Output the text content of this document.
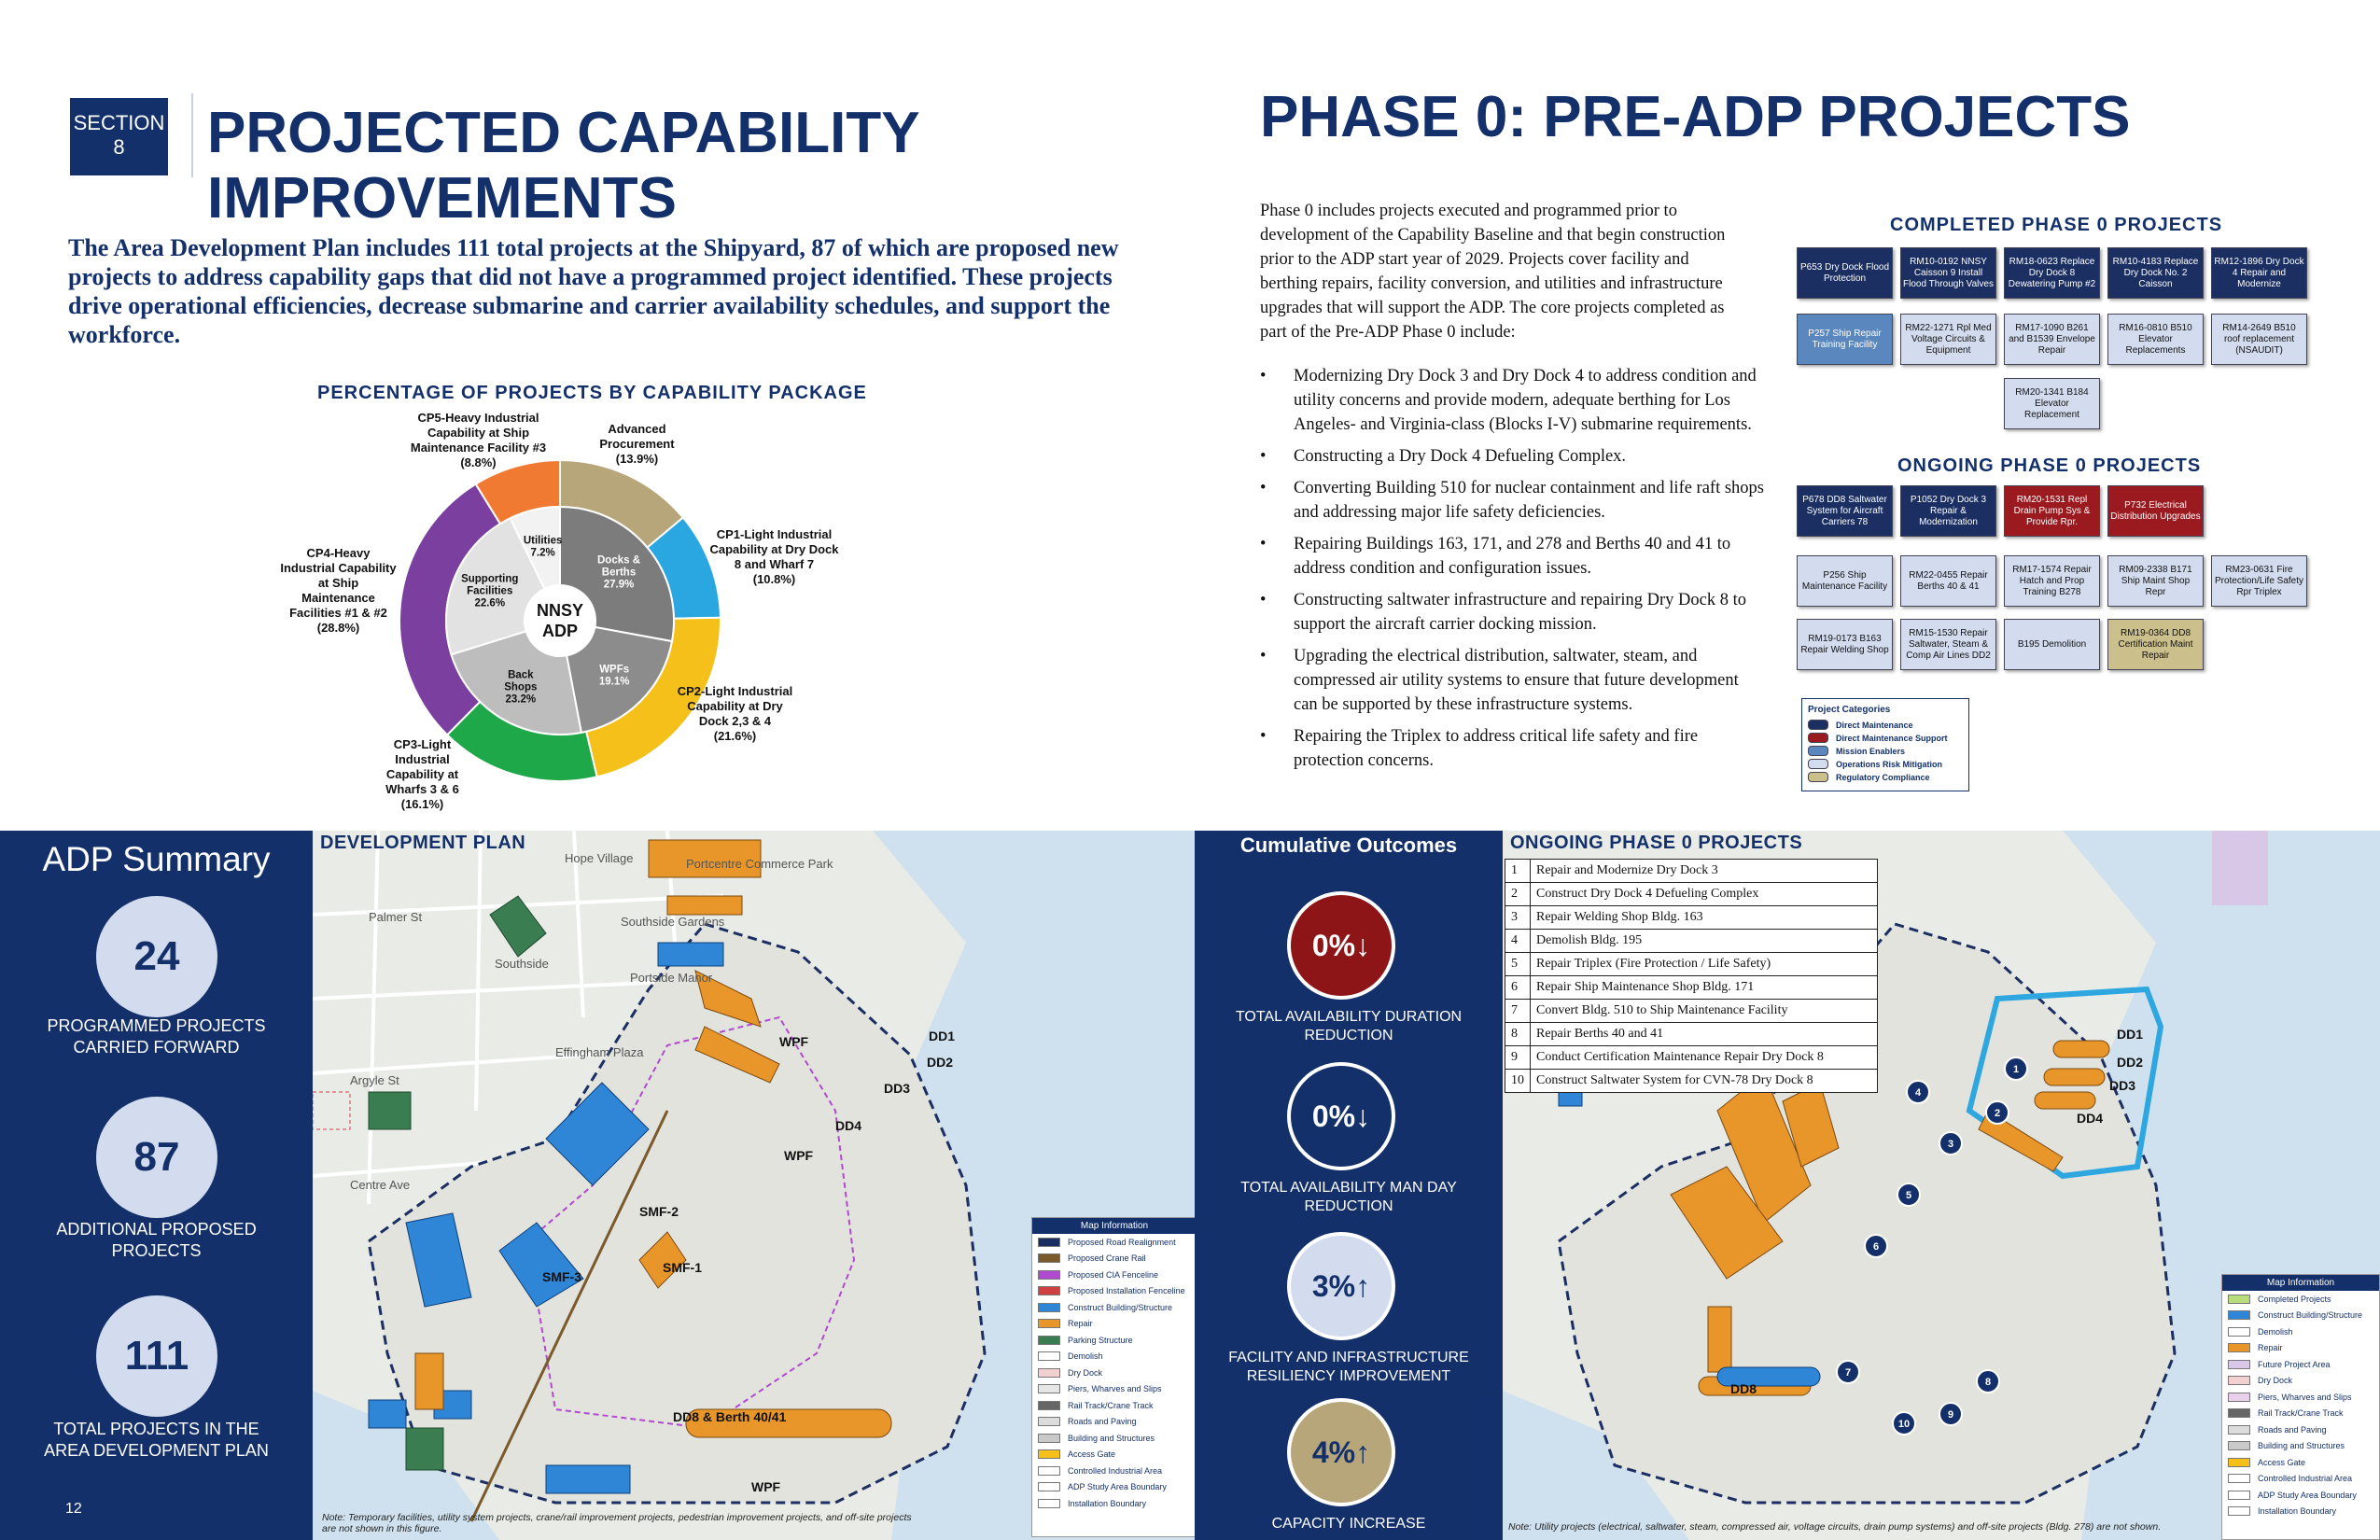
SECTION
8	PROJECTED CAPABILITY
IMPROVEMENTS
The Area Development Plan includes 111 total projects at the Shipyard, 87 of which are proposed new projects to address capability gaps that did not have a programmed project identified. These projects drive operational efficiencies, decrease submarine and carrier availability schedules, and support the workforce.
PERCENTAGE OF PROJECTS BY CAPABILITY PACKAGE
NNSY
ADP
Docks &
Berths
27.9%
WPFs
19.1%
Back
Shops
23.2%
Supporting
Facilities
22.6%
Utilities
7.2%
CP5-Heavy Industrial Capability at Ship Maintenance Facility #3
(8.8%)
Advanced Procurement
(13.9%)
CP1-Light Industrial Capability at Dry Dock 8 and Wharf 7
(10.8%)
CP2-Light Industrial Capability at Dry Dock 2,3 & 4
(21.6%)
CP3-Light Industrial Capability at Wharfs 3 & 6
(16.1%)
CP4-Heavy Industrial Capability at Ship Maintenance Facilities #1 & #2
(28.8%)
PHASE 0: PRE-ADP PROJECTS
Phase 0 includes projects executed and programmed prior to development of the Capability Baseline and that begin construction prior to the ADP start year of 2029. Projects cover facility and berthing repairs, facility conversion, and utilities and infrastructure upgrades that will support the ADP. The core projects completed as part of the Pre-ADP Phase 0 include:
• Modernizing Dry Dock 3 and Dry Dock 4 to address condition and utility concerns and provide modern, adequate berthing for Los Angeles- and Virginia-class (Blocks I-V) submarine requirements.
• Constructing a Dry Dock 4 Defueling Complex.
• Converting Building 510 for nuclear containment and life raft shops and addressing major life safety deficiencies.
• Repairing Buildings 163, 171, and 278 and Berths 40 and 41 to address condition and configuration issues.
• Constructing saltwater infrastructure and repairing Dry Dock 8 to support the aircraft carrier docking mission.
• Upgrading the electrical distribution, saltwater, steam, and compressed air utility systems to ensure that future development can be supported by these infrastructure systems.
• Repairing the Triplex to address critical life safety and fire protection concerns.
COMPLETED PHASE 0 PROJECTS
P653 Dry Dock Flood Protection
RM10-0192 NNSY Caisson 9 Install Flood Through Valves
RM18-0623 Replace Dry Dock 8 Dewatering Pump #2
RM10-4183 Replace Dry Dock No. 2 Caisson
RM12-1896 Dry Dock 4 Repair and Modernize
P257 Ship Repair Training Facility
RM22-1271 Rpl Med Voltage Circuits & Equipment
RM17-1090 B261 and B1539 Envelope Repair
RM16-0810 B510 Elevator Replacements
RM14-2649 B510 roof replacement (NSAUDIT)
RM20-1341 B184 Elevator Replacement
ONGOING PHASE 0 PROJECTS
P678 DD8 Saltwater System for Aircraft Carriers 78
P1052 Dry Dock 3 Repair & Modernization
RM20-1531 Repl Drain Pump Sys & Provide Rpr.
P732 Electrical Distribution Upgrades
P256 Ship Maintenance Facility
RM22-0455 Repair Berths 40 & 41
RM17-1574 Repair Hatch and Prop Training B278
RM09-2338 B171 Ship Maint Shop Repr
RM23-0631 Fire Protection/Life Safety Rpr Triplex
RM19-0173 B163 Repair Welding Shop
RM15-1530 Repair Saltwater, Steam & Comp Air Lines DD2
B195 Demolition
RM19-0364 DD8 Certification Maint Repair
Project Categories
Direct Maintenance
Direct Maintenance Support
Mission Enablers
Operations Risk Mitigation
Regulatory Compliance
ADP Summary
24
PROGRAMMED PROJECTS
CARRIED FORWARD
87
ADDITIONAL PROPOSED
PROJECTS
111
TOTAL PROJECTS IN THE
AREA DEVELOPMENT PLAN
12
DEVELOPMENT PLAN
Hope Village	Portcentre Commerce Park
Southside Gardens
Southside
Portside Manor
Effingham Plaza
Centre Ave
Argyle St
Palmer St
DD1
DD2
DD3
DD4
WPF
WPF
SMF-2
SMF-1
SMF-3
DD8 & Berth 40/41
WPF
Note: Temporary facilities, utility system projects, crane/rail improvement projects, pedestrian improvement projects, and off-site projects are not shown in this figure.
Map Information
Proposed Road Realignment
Proposed Crane Rail
Proposed CIA Fenceline
Proposed Installation Fenceline
Construct Building/Structure
Repair
Parking Structure
Demolish
Dry Dock
Piers, Wharves and Slips
Rail Track/Crane Track
Roads and Paving
Building and Structures
Access Gate
Controlled Industrial Area
ADP Study Area Boundary
Installation Boundary
Cumulative Outcomes
0%↓
TOTAL AVAILABILITY DURATION
REDUCTION
0%↓
TOTAL AVAILABILITY MAN DAY
REDUCTION
3%↑
FACILITY AND INFRASTRUCTURE
RESILIENCY IMPROVEMENT
4%↑
CAPACITY INCREASE
1
2
3
4
5
6
7
8
9
10
ONGOING PHASE 0 PROJECTS
1	Repair and Modernize Dry Dock 3
2	Construct Dry Dock 4 Defueling Complex
3	Repair Welding Shop Bldg. 163
4	Demolish Bldg. 195
5	Repair Triplex (Fire Protection / Life Safety)
6	Repair Ship Maintenance Shop Bldg. 171
7	Convert Bldg. 510 to Ship Maintenance Facility
8	Repair Berths 40 and 41
9	Conduct Certification Maintenance Repair Dry Dock 8
10	Construct Saltwater System for CVN-78 Dry Dock 8
DD1
DD2
DD3
DD4
DD8
Note: Utility projects (electrical, saltwater, steam, compressed air, voltage circuits, drain pump systems) and off-site projects (Bldg. 278) are not shown.
Map Information
Completed Projects
Construct Building/Structure
Demolish
Repair
Future Project Area
Dry Dock
Piers, Wharves and Slips
Rail Track/Crane Track
Roads and Paving
Building and Structures
Access Gate
Controlled Industrial Area
ADP Study Area Boundary
Installation Boundary
